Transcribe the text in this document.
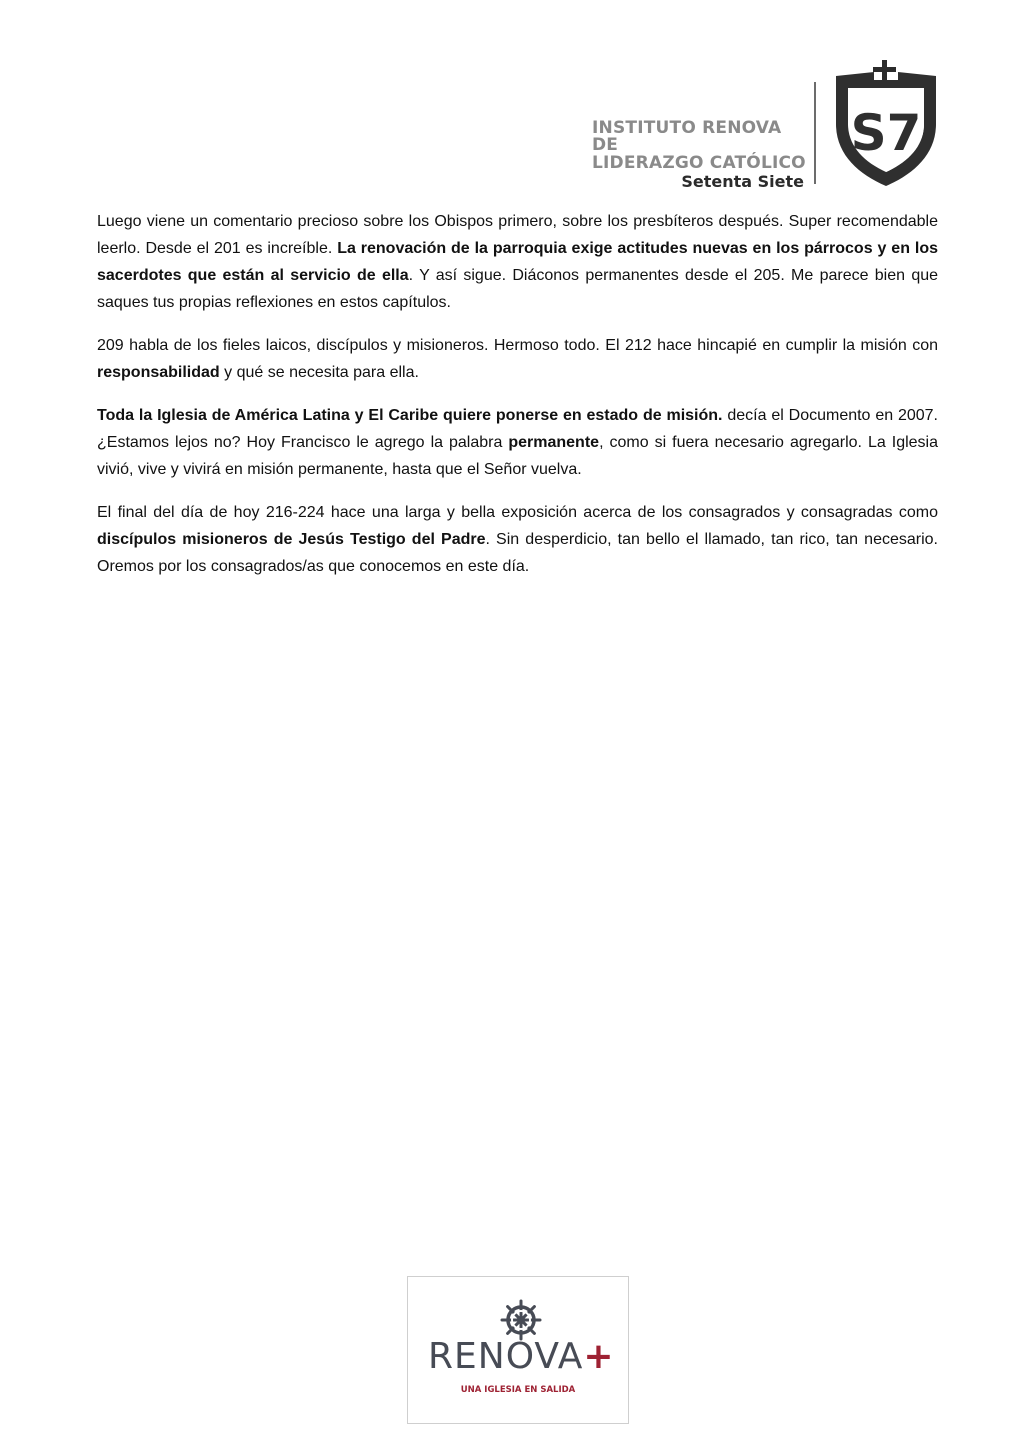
INSTITUTO RENOVA DE
LIDERAZGO CATÓLICO
Setenta Siete
S7

Luego viene un comentario precioso sobre los Obispos primero, sobre los presbíteros después. Super recomendable leerlo. Desde el 201 es increíble. La renovación de la parroquia exige actitudes nuevas en los párrocos y en los sacerdotes que están al servicio de ella. Y así sigue. Diáconos permanentes desde el 205. Me parece bien que saques tus propias reflexiones en estos capítulos.

209 habla de los fieles laicos, discípulos y misioneros. Hermoso todo. El 212 hace hincapié en cumplir la misión con responsabilidad y qué se necesita para ella.

Toda la Iglesia de América Latina y El Caribe quiere ponerse en estado de misión. decía el Documento en 2007. ¿Estamos lejos no? Hoy Francisco le agrego la palabra permanente, como si fuera necesario agregarlo. La Iglesia vivió, vive y vivirá en misión permanente, hasta que el Señor vuelva.

El final del día de hoy 216-224 hace una larga y bella exposición acerca de los consagrados y consagradas como discípulos misioneros de Jesús Testigo del Padre. Sin desperdicio, tan bello el llamado, tan rico, tan necesario. Oremos por los consagrados/as que conocemos en este día.

RENOVA+
UNA IGLESIA EN SALIDA
